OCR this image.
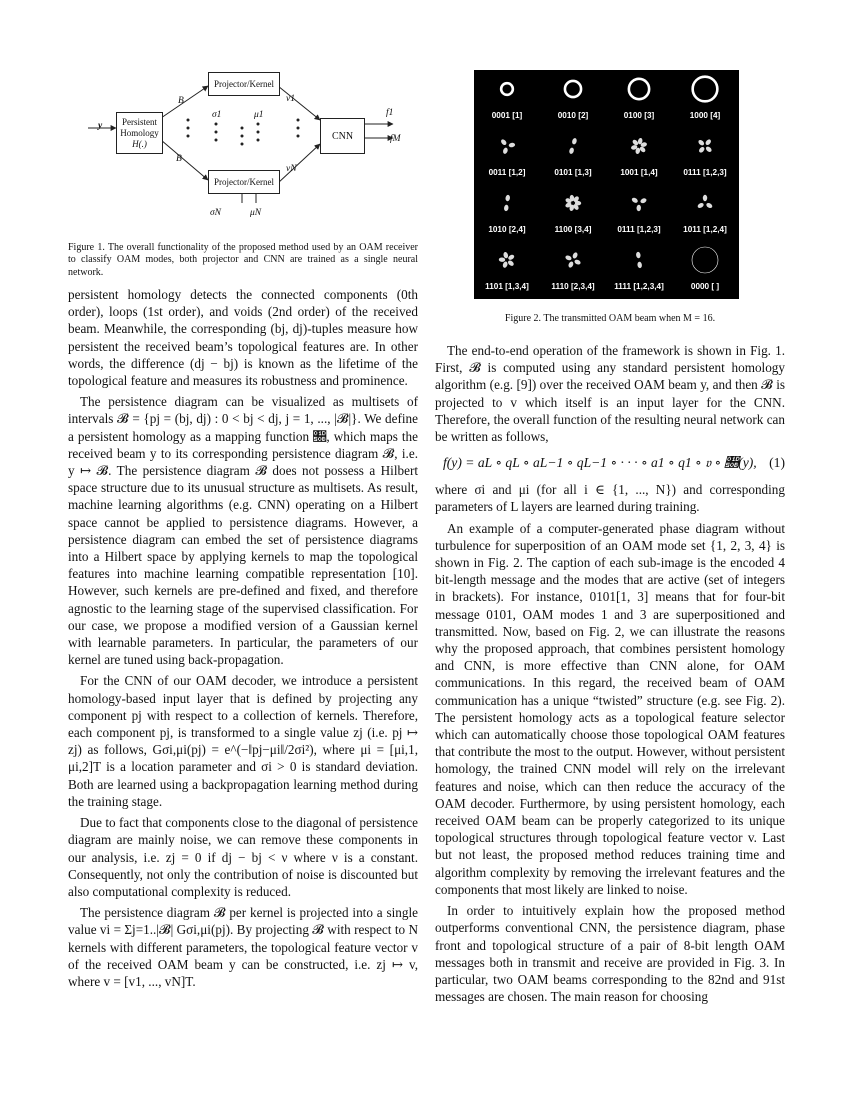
y Persistent
Homology
H(.)
Projector/Kernel
Projector/Kernel
CNN
B
B
σ1	μ1
σN	μN
v1
vN
f1
fM
Figure 1. The overall functionality of the proposed method used by an OAM receiver to classify OAM modes, both projector and CNN are trained as a single neural network.
0001 [1]	0010 [2]	0100 [3]	1000 [4]
0011 [1,2]	0101 [1,3]	1001 [1,4]	0111 [1,2,3]
1010 [2,4]	1100 [3,4]	0111 [1,2,3]	1011 [1,2,4]
1101 [1,3,4]	1110 [2,3,4]	1111 [1,2,3,4]	0000 [ ]
Figure 2. The transmitted OAM beam when M = 16.

persistent homology detects the connected components (0th order), loops (1st order), and voids (2nd order) of the received beam. Meanwhile, the corresponding (bj, dj)-tuples measure how persistent the received beam’s topological features are. In other words, the difference (dj − bj) is known as the lifetime of the topological feature and measures its robustness and prominence.

The persistence diagram can be visualized as multisets of intervals 𝓑 = {pj = (bj, dj) : 0 < bj < dj, j = 1, ..., |𝓑|}. We define a persistent homology as a mapping function 𝔋, which maps the received beam y to its corresponding persistence diagram 𝓑, i.e. y ↦ 𝓑. The persistence diagram 𝓑 does not possess a Hilbert space structure due to its unusual structure as multisets. As result, machine learning algorithms (e.g. CNN) operating on a Hilbert space cannot be applied to persistence diagrams. However, a persistence diagram can embed the set of persistence diagrams into a Hilbert space by applying kernels to map the topological features into machine learning compatible representation [10]. However, such kernels are pre-defined and fixed, and therefore agnostic to the learning stage of the supervised classification. For our case, we propose a modified version of a Gaussian kernel with learnable parameters. In particular, the parameters of our kernel are tuned using back-propagation.

For the CNN of our OAM decoder, we introduce a persistent homology-based input layer that is defined by projecting any component pj with respect to a collection of kernels. Therefore, each component pj, is transformed to a single value zj (i.e. pj ↦ zj) as follows, Gσi,μi(pj) = e^(−‖pj−μi‖/2σi²), where μi = [μi,1, μi,2]T is a location parameter and σi > 0 is standard deviation. Both are learned using a backpropagation learning method during the training stage.

Due to fact that components close to the diagonal of persistence diagram are mainly noise, we can remove these components in our analysis, i.e. zj = 0 if dj − bj < ν where ν is a constant. Consequently, not only the contribution of noise is discounted but also computational complexity is reduced.

The persistence diagram 𝓑 per kernel is projected into a single value vi = Σj=1..|𝓑| Gσi,μi(pj). By projecting 𝓑 with respect to N kernels with different parameters, the topological feature vector v of the received OAM beam y can be constructed, i.e. zj ↦ v, where v = [v1, ..., vN]T.

The end-to-end operation of the framework is shown in Fig. 1. First, 𝓑 is computed using any standard persistent homology algorithm (e.g. [9]) over the received OAM beam y, and then 𝓑 is projected to v which itself is an input layer for the CNN. Therefore, the overall function of the resulting neural network can be written as follows,

f(y) = aL ∘ qL ∘ aL−1 ∘ qL−1 ∘ · · · ∘ a1 ∘ q1 ∘ 𝔳 ∘ 𝔋(y), (1)

where σi and μi (for all i ∈ {1, ..., N}) and corresponding parameters of L layers are learned during training.

An example of a computer-generated phase diagram without turbulence for superposition of an OAM mode set {1, 2, 3, 4} is shown in Fig. 2. The caption of each sub-image is the encoded 4 bit-length message and the modes that are active (set of integers in brackets). For instance, 0101[1, 3] means that for four-bit message 0101, OAM modes 1 and 3 are superpositioned and transmitted. Now, based on Fig. 2, we can illustrate the reasons why the proposed approach, that combines persistent homology and CNN, is more effective than CNN alone, for OAM communications. In this regard, the received beam of OAM communication has a unique “twisted” structure (e.g. see Fig. 2). The persistent homology acts as a topological feature selector which can automatically choose those topological OAM features that contribute the most to the output. However, without persistent homology, the trained CNN model will rely on the irrelevant features and noise, which can then reduce the accuracy of the OAM decoder. Furthermore, by using persistent homology, each received OAM beam can be properly categorized to its unique topological structures through topological feature vector v. Last but not least, the proposed method reduces training time and algorithm complexity by removing the irrelevant features and the components that most likely are linked to noise.

In order to intuitively explain how the proposed method outperforms conventional CNN, the persistence diagram, phase front and topological structure of a pair of 8-bit length OAM messages both in transmit and receive are provided in Fig. 3. In particular, two OAM beams corresponding to the 82nd and 91st messages are chosen. The main reason for choosing
